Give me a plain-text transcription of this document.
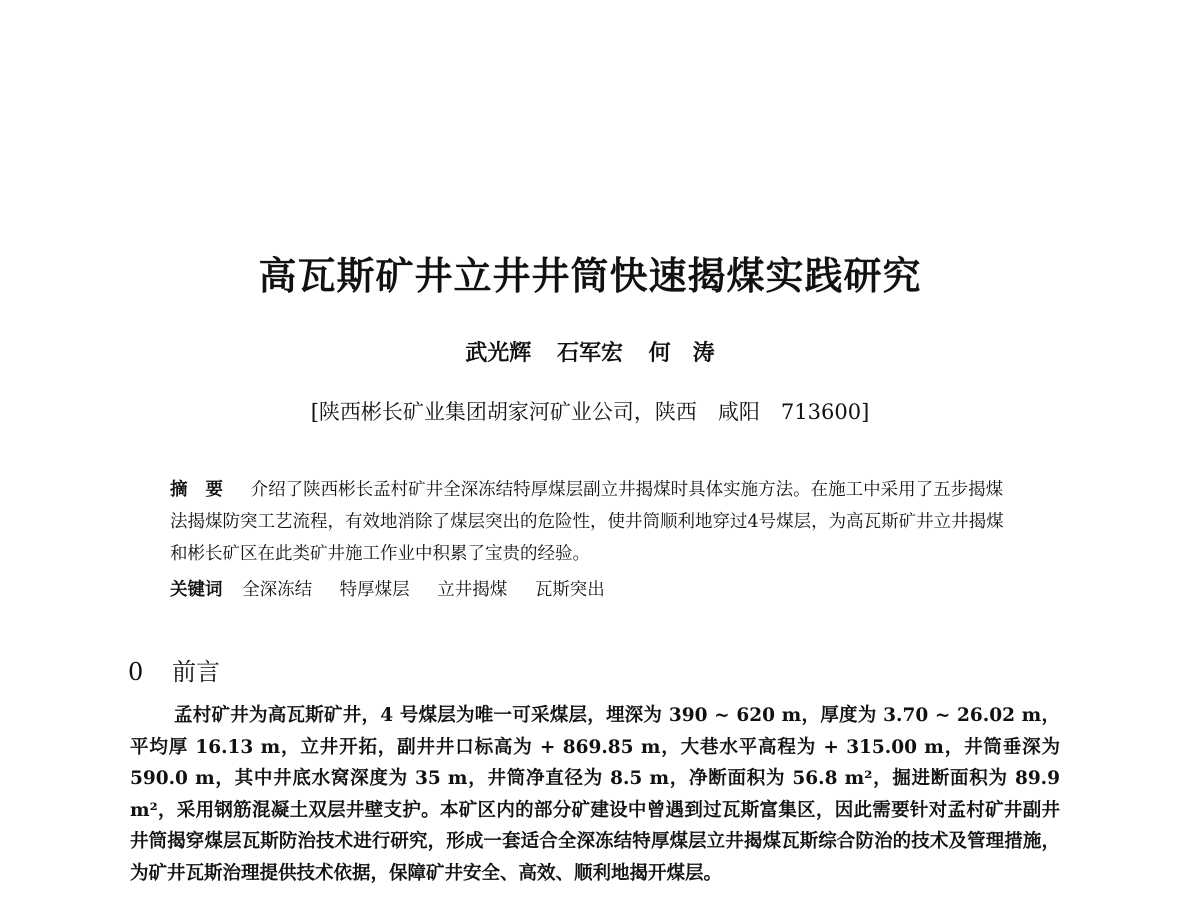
高瓦斯矿井立井井筒快速揭煤实践研究
武光辉 石军宏 何　涛
[陕西彬长矿业集团胡家河矿业公司，陕西　咸阳　713600]
摘要 介绍了陕西彬长孟村矿井全深冻结特厚煤层副立井揭煤时具体实施方法。在施工中采用了五步揭煤法揭煤防突工艺流程，有效地消除了煤层突出的危险性，使井筒顺利地穿过4号煤层，为高瓦斯矿井立井揭煤和彬长矿区在此类矿井施工作业中积累了宝贵的经验。
关键词 全深冻结 特厚煤层 立井揭煤 瓦斯突出
0 前言
孟村矿井为高瓦斯矿井，4 号煤层为唯一可采煤层，埋深为 390 ~ 620 m，厚度为 3.70 ~ 26.02 m，平均厚 16.13 m，立井开拓，副井井口标高为 + 869.85 m，大巷水平高程为 + 315.00 m，井筒垂深为 590.0 m，其中井底水窝深度为 35 m，井筒净直径为 8.5 m，净断面积为 56.8 m²，掘进断面积为 89.9 m²，采用钢筋混凝土双层井壁支护。本矿区内的部分矿建设中曾遇到过瓦斯富集区，因此需要针对孟村矿井副井井筒揭穿煤层瓦斯防治技术进行研究，形成一套适合全深冻结特厚煤层立井揭煤瓦斯综合防治的技术及管理措施，为矿井瓦斯治理提供技术依据，保障矿井安全、高效、顺利地揭开煤层。
